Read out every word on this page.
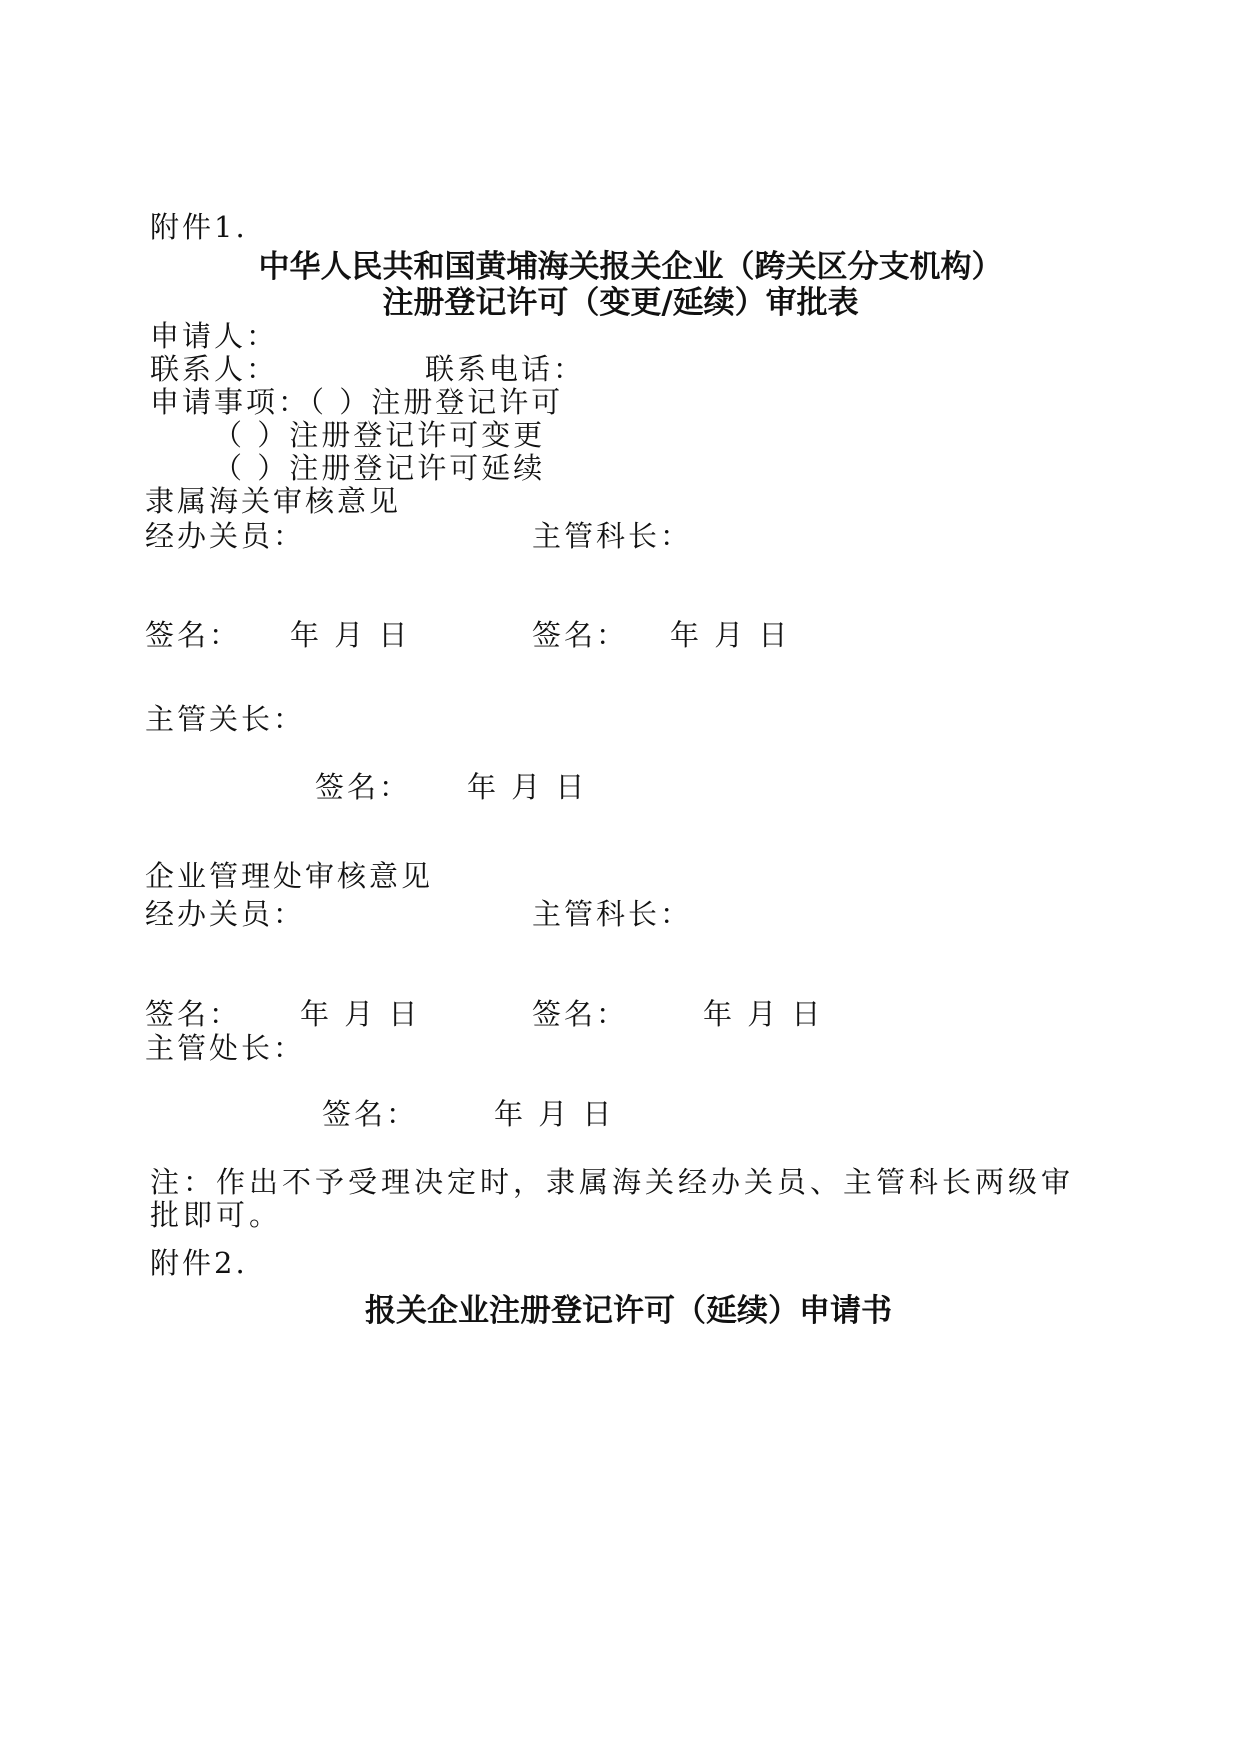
附件1.
中华人民共和国黄埔海关报关企业（跨关区分支机构）
注册登记许可（变更/延续）审批表
申请人：
联系人：	联系电话：
申请事项：
（ ）注册登记许可
（ ）注册登记许可变更
（ ）注册登记许可延续
隶属海关审核意见
经办关员：	主管科长：
签名： 年 月 日	签名： 年 月 日
主管关长：
签名： 年 月 日
企业管理处审核意见
经办关员：	主管科长：
签名： 年 月 日	签名：	年 月 日
主管处长：
签名：	年 月 日
注：作出不予受理决定时，隶属海关经办关员、主管科长两级审
批即可。
附件2.
报关企业注册登记许可（延续）申请书
